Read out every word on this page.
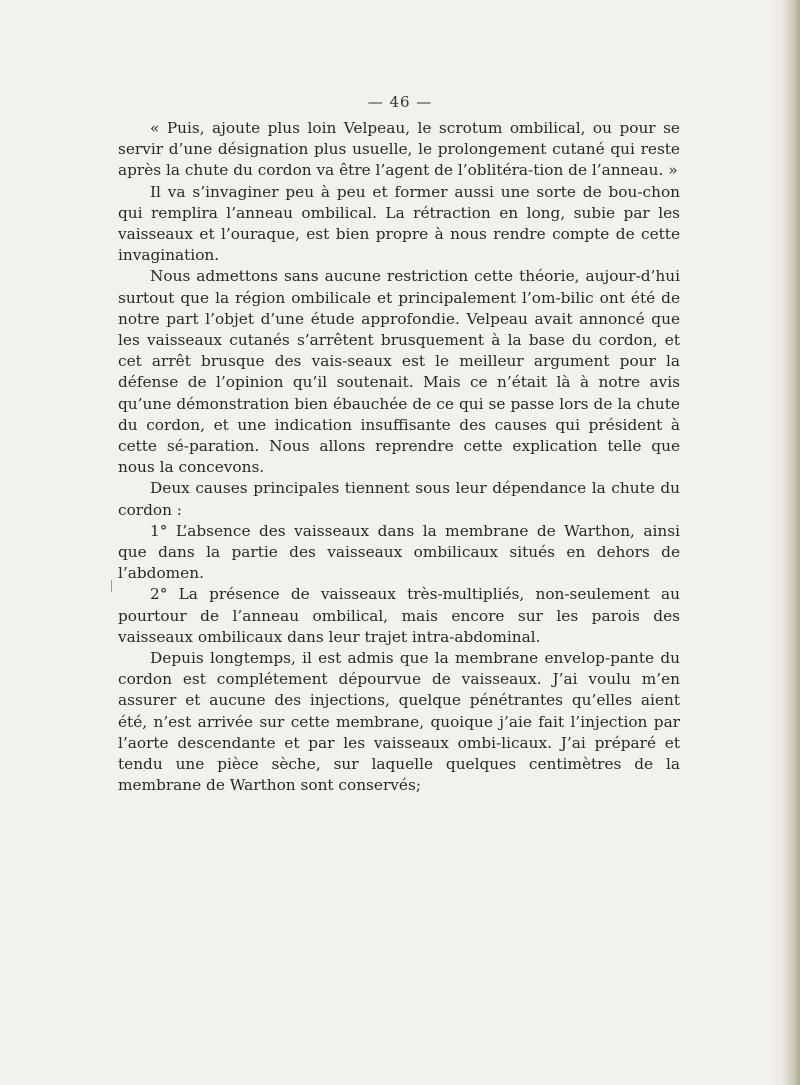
— 46 —

« Puis, ajoute plus loin Velpeau, le scrotum ombilical, ou pour se servir d’une désignation plus usuelle, le prolongement cutané qui reste après la chute du cordon va être l’agent de l’oblitéra-tion de l’anneau. »

Il va s’invaginer peu à peu et former aussi une sorte de bou-chon qui remplira l’anneau ombilical. La rétraction en long, subie par les vaisseaux et l’ouraque, est bien propre à nous rendre compte de cette invagination.

Nous admettons sans aucune restriction cette théorie, aujour-d’hui surtout que la région ombilicale et principalement l’om-bilic ont été de notre part l’objet d’une étude approfondie. Velpeau avait annoncé que les vaisseaux cutanés s’arrêtent brusquement à la base du cordon, et cet arrêt brusque des vais-seaux est le meilleur argument pour la défense de l’opinion qu’il soutenait. Mais ce n’était là à notre avis qu’une démonstration bien ébauchée de ce qui se passe lors de la chute du cordon, et une indication insuffisante des causes qui président à cette sé-paration. Nous allons reprendre cette explication telle que nous la concevons.

Deux causes principales tiennent sous leur dépendance la chute du cordon :

1° L’absence des vaisseaux dans la membrane de Warthon, ainsi que dans la partie des vaisseaux ombilicaux situés en dehors de l’abdomen.

2° La présence de vaisseaux très-multipliés, non-seulement au pourtour de l’anneau ombilical, mais encore sur les parois des vaisseaux ombilicaux dans leur trajet intra-abdominal.

Depuis longtemps, il est admis que la membrane envelop-pante du cordon est complétement dépourvue de vaisseaux. J’ai voulu m’en assurer et aucune des injections, quelque pénétrantes qu’elles aient été, n’est arrivée sur cette membrane, quoique j’aie fait l’injection par l’aorte descendante et par les vaisseaux ombi-licaux. J’ai préparé et tendu une pièce sèche, sur laquelle quelques centimètres de la membrane de Warthon sont conservés;
